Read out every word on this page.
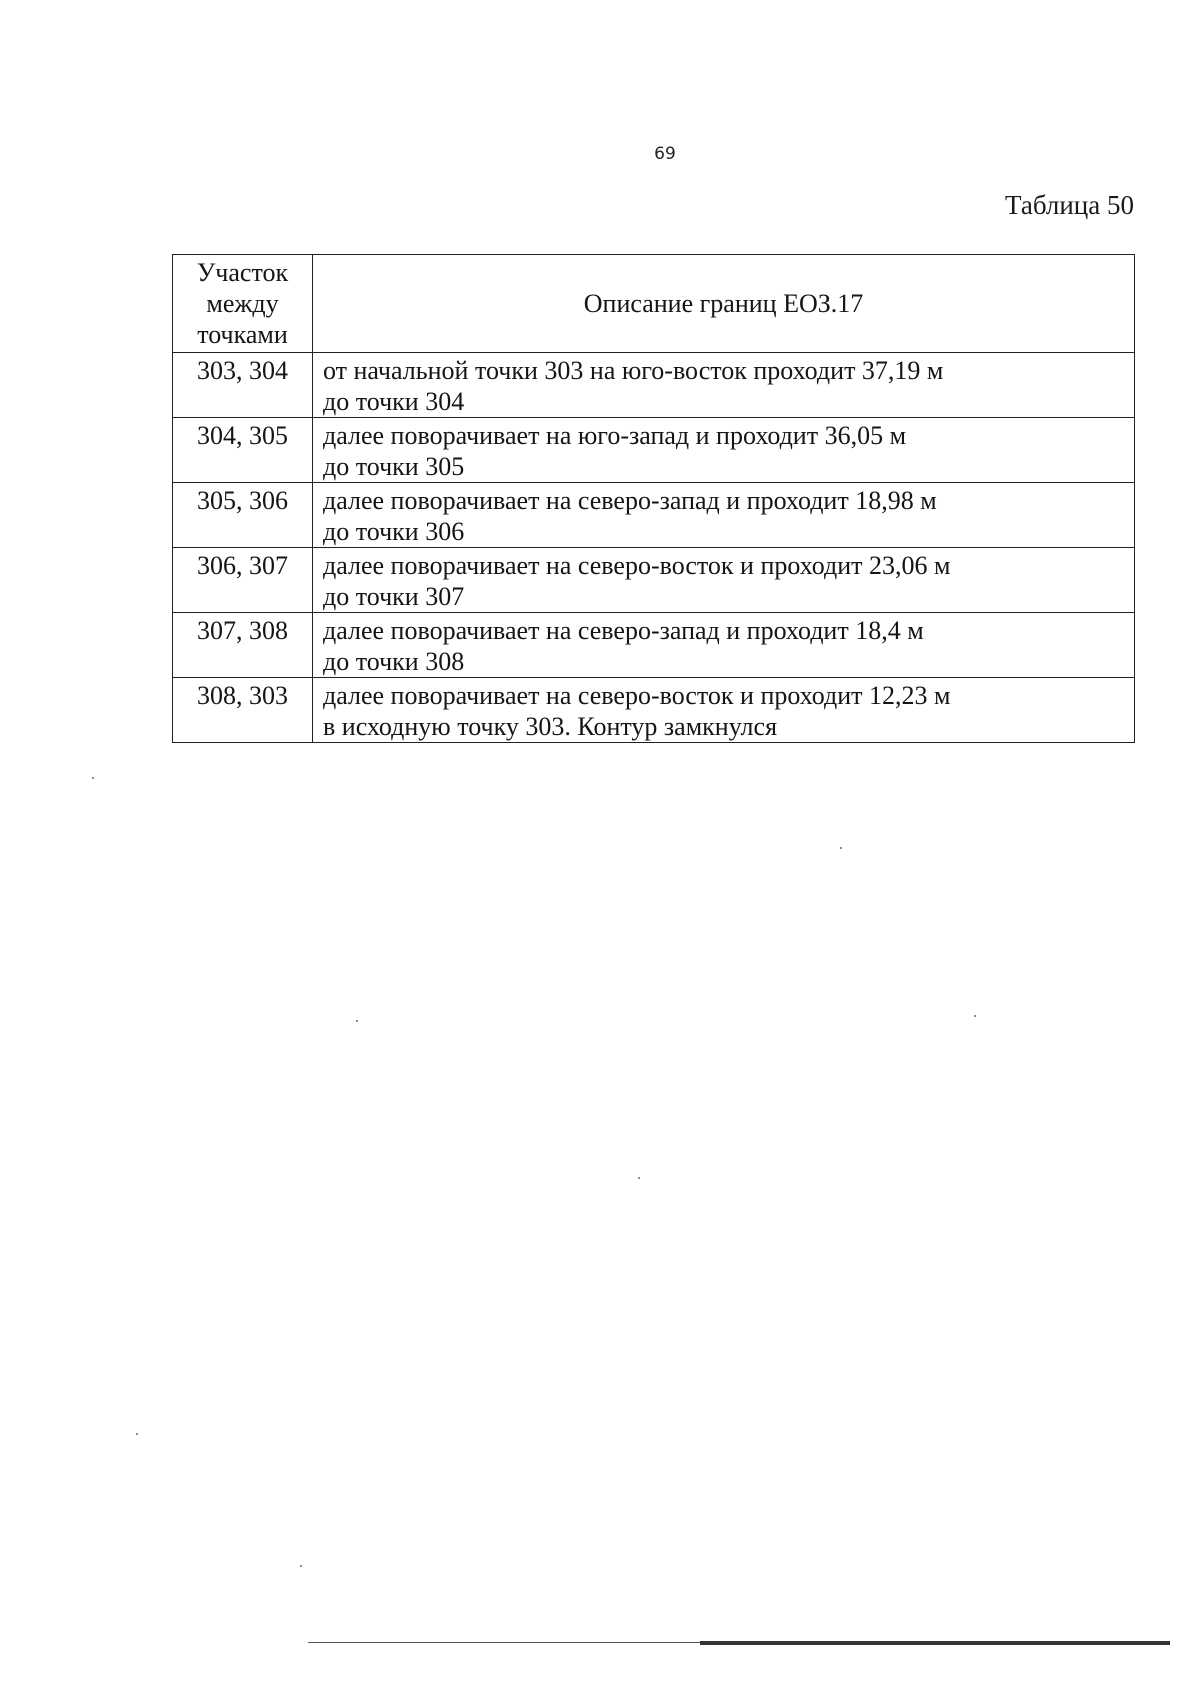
69
Таблица 50
Участок
между
точками	Описание границ ЕОЗ.17
303, 304	от начальной точки 303 на юго-восток проходит 37,19 м
до точки 304

304, 305	далее поворачивает на юго-запад и проходит 36,05 м
до точки 305

305, 306	далее поворачивает на северо-запад и проходит 18,98 м
до точки 306

306, 307	далее поворачивает на северо-восток и проходит 23,06 м
до точки 307

307, 308	далее поворачивает на северо-запад и проходит 18,4 м
до точки 308

308, 303	далее поворачивает на северо-восток и проходит 12,23 м
в исходную точку 303. Контур замкнулся
